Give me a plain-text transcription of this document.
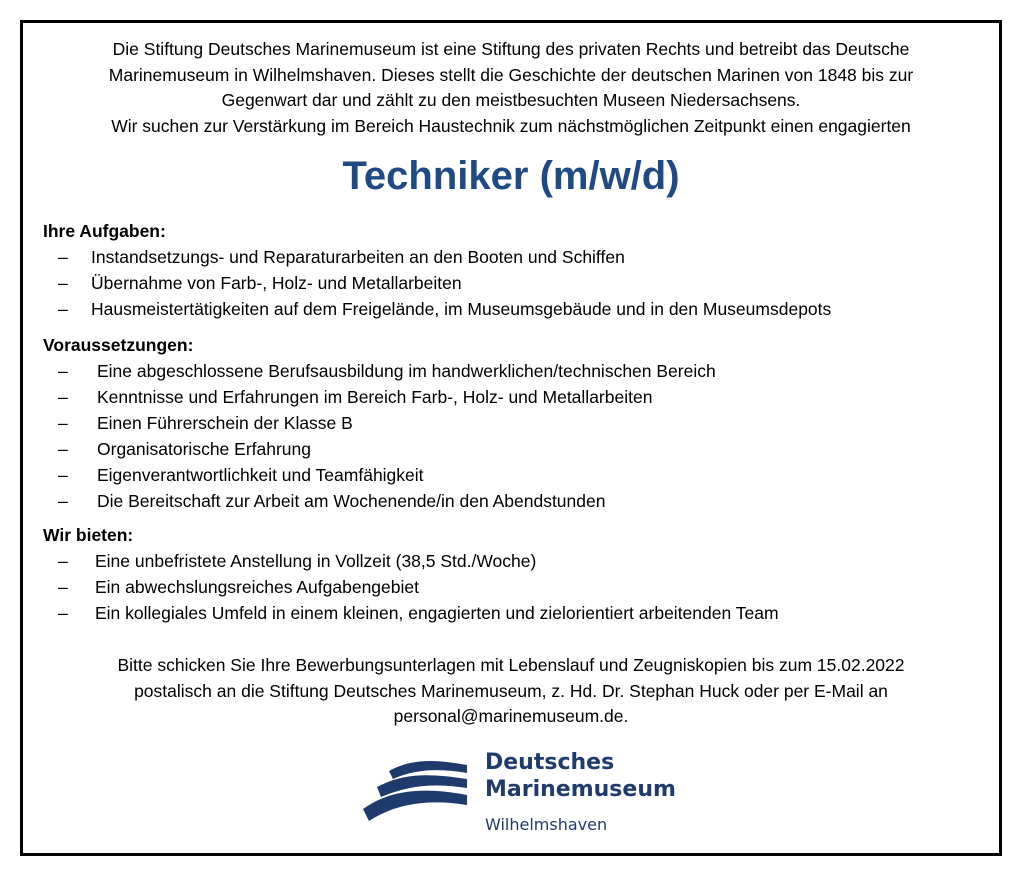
Die Stiftung Deutsches Marinemuseum ist eine Stiftung des privaten Rechts und betreibt das Deutsche

Marinemuseum in Wilhelmshaven. Dieses stellt die Geschichte der deutschen Marinen von 1848 bis zur

Gegenwart dar und zählt zu den meistbesuchten Museen Niedersachsens.

Wir suchen zur Verstärkung im Bereich Haustechnik zum nächstmöglichen Zeitpunkt einen engagierten

Techniker (m/w/d)
Ihre Aufgaben:
– Instandsetzungs- und Reparaturarbeiten an den Booten und Schiffen
– Übernahme von Farb-, Holz- und Metallarbeiten
– Hausmeistertätigkeiten auf dem Freigelände, im Museumsgebäude und in den Museumsdepots
Voraussetzungen:
– Eine abgeschlossene Berufsausbildung im handwerklichen/technischen Bereich
– Kenntnisse und Erfahrungen im Bereich Farb-, Holz- und Metallarbeiten
– Einen Führerschein der Klasse B
– Organisatorische Erfahrung
– Eigenverantwortlichkeit und Teamfähigkeit
– Die Bereitschaft zur Arbeit am Wochenende/in den Abendstunden
Wir bieten:
– Eine unbefristete Anstellung in Vollzeit (38,5 Std./Woche)
– Ein abwechslungsreiches Aufgabengebiet
– Ein kollegiales Umfeld in einem kleinen, engagierten und zielorientiert arbeitenden Team

Bitte schicken Sie Ihre Bewerbungsunterlagen mit Lebenslauf und Zeugniskopien bis zum 15.02.2022

postalisch an die Stiftung Deutsches Marinemuseum, z. Hd. Dr. Stephan Huck oder per E-Mail an

personal@marinemuseum.de.

Deutsches
Marinemuseum
Wilhelmshaven
